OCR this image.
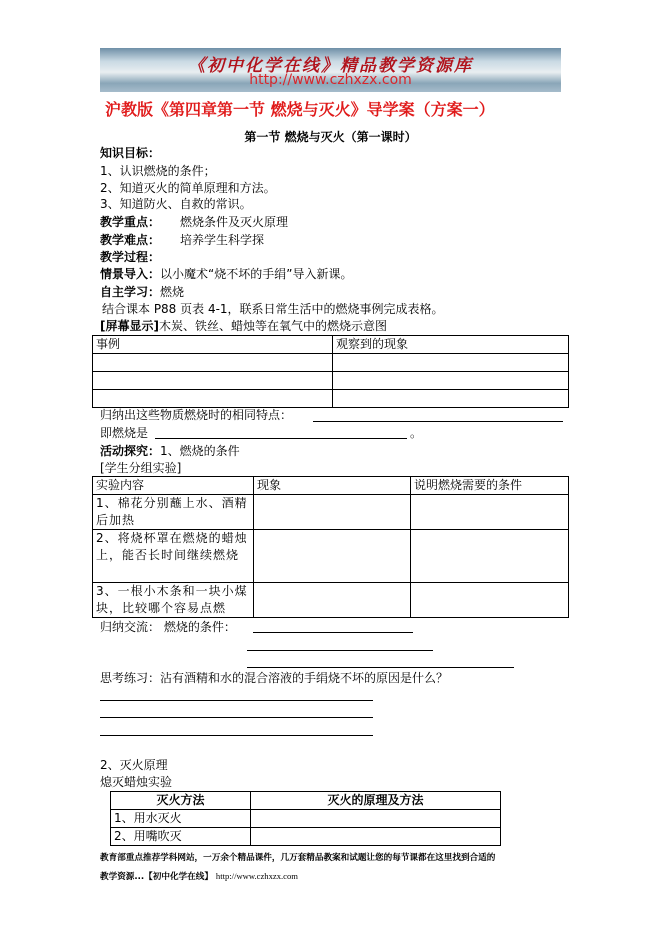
《初中化学在线》精品教学资源库
http://www.czhxzx.com
沪教版《第四章第一节 燃烧与灭火》导学案（方案一）
第一节 燃烧与灭火（第一课时）
知识目标：
1、认识燃烧的条件；
2、知道灭火的简单原理和方法。
3、知道防火、自救的常识。
教学重点： 燃烧条件及灭火原理
教学难点： 培养学生科学探
教学过程：
情景导入：以小魔术“烧不坏的手绢”导入新课。
自主学习：燃烧
结合课本 P88 页表 4-1，联系日常生活中的燃烧事例完成表格。
[屏幕显示]木炭、铁丝、蜡烛等在氧气中的燃烧示意图
事例	观察到的现象

归纳出这些物质燃烧时的相同特点：
即燃烧是	。
活动探究：1、燃烧的条件
[学生分组实验]
实验内容	现象	说明燃烧需要的条件
1、棉花分别蘸上水、酒精后加热		
2、将烧杯罩在燃烧的蜡烛上，能否长时间继续燃烧		
3、一根小木条和一块小煤块，比较哪个容易点燃		
归纳交流： 燃烧的条件：
思考练习：沾有酒精和水的混合溶液的手绢烧不坏的原因是什么？
2、灭火原理
熄灭蜡烛实验
灭火方法	灭火的原理及方法
1、用水灭火	
2、用嘴吹灭	
教育部重点推荐学科网站，一万余个精品课件，几万套精品教案和试题让您的每节课都在这里找到合适的
教学资源...【初中化学在线】 http://www.czhxzx.com
